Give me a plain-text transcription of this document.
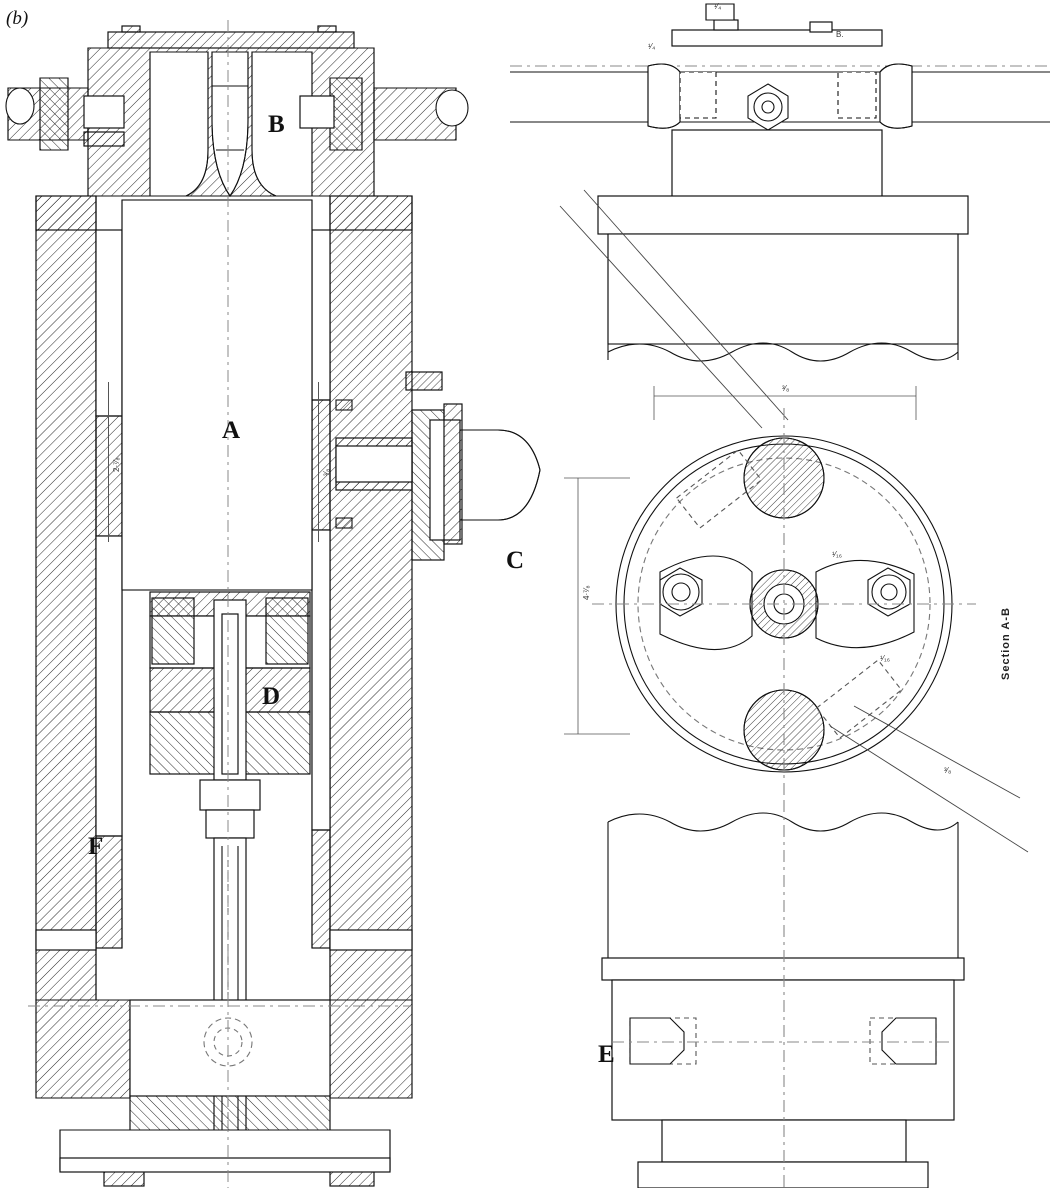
(b)
2·⁷⁄₈
³⁄₈
A
B
C
D
F
³⁄₈
4·⁷⁄₈
¹⁄₁₆
¹⁄₁₆
³⁄₈
¹⁄₄
¹⁄₄
B.
Section A-B
E
